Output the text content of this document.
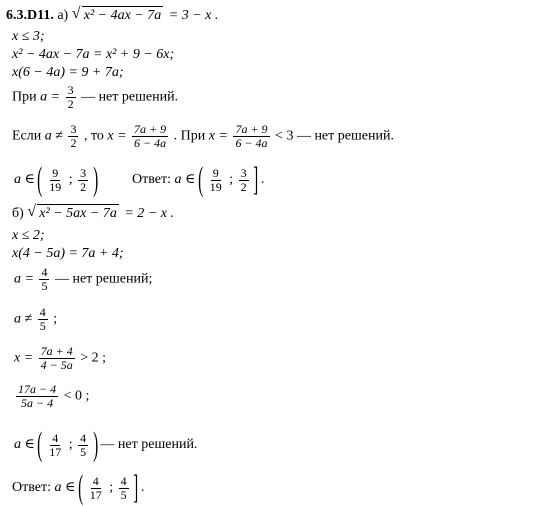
6.3.D11. а) √ x² − 4ax − 7a = 3 − x .
x ≤ 3;
x² − 4ax − 7a = x² + 9 − 6x;
x(6 − 4a) = 9 + 7a;
При $a = \frac{3}{2}$ — нет решений.
Если $a \ne \frac{3}{2}$ , то $x = \frac{7a + 9}{6 - 4a}$ . При $x = \frac{7a + 9}{6 - 4a} < 3$ — нет решений.
a ∈ ( $\frac{9}{19}$ ; $\frac{3}{2}$ ) Ответ: a ∈ ( $\frac{9}{19}$ ; $\frac{3}{2}$ ] .
б) √ x² − 5ax − 7a = 2 − x .
x ≤ 2;
x(4 − 5a) = 7a + 4;
$a = \frac{4}{5}$ — нет решений;
$a \ne \frac{4}{5}$ ;
$x = \frac{7a + 4}{4 - 5a} > 2$ ;
$\frac{17a - 4}{5a - 4} < 0$ ;
a ∈ ( $\frac{4}{17}$ ; $\frac{4}{5}$ ) — нет решений.
Ответ: a ∈ ( $\frac{4}{17}$ ; $\frac{4}{5}$ ] .
